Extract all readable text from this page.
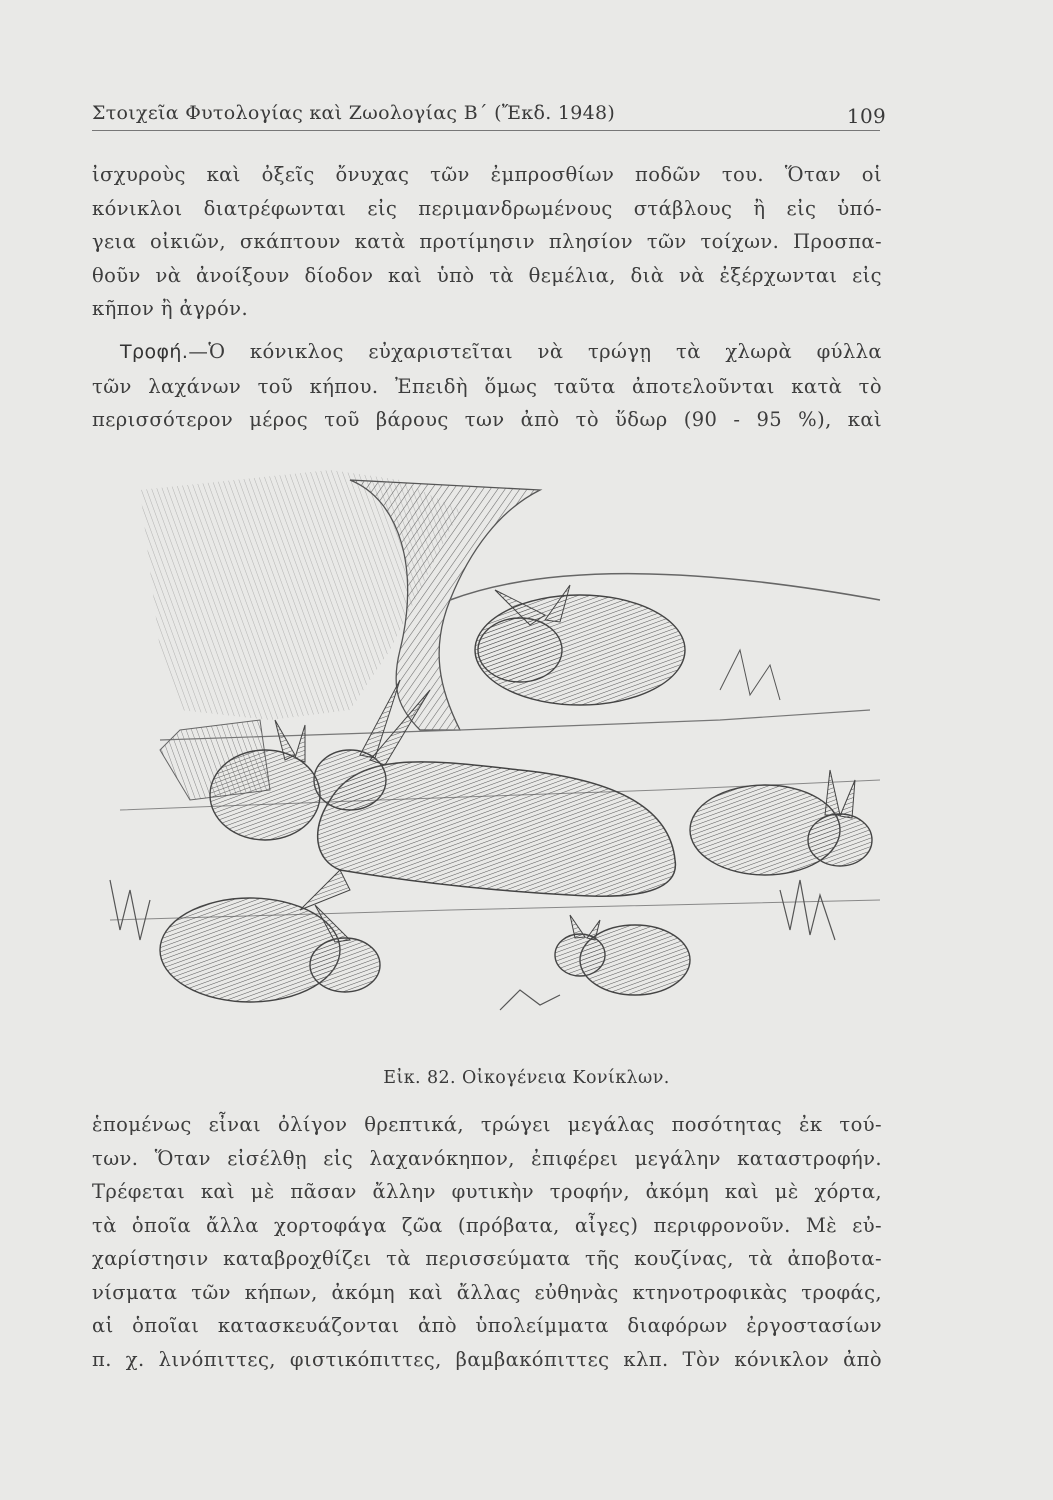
Στοιχεῖα Φυτολογίας καὶ Ζωολογίας Β΄ (Ἔκδ. 1948)	109
ἰσχυροὺς καὶ ὀξεῖς ὄνυχας τῶν ἐμπροσθίων ποδῶν του. Ὅταν οἱ
κόνικλοι διατρέφωνται εἰς περιμανδρωμένους στάβλους ἢ εἰς ὑπό-
γεια οἰκιῶν, σκάπτουν κατὰ προτίμησιν πλησίον τῶν τοίχων. Προσπα-
θοῦν νὰ ἀνοίξουν δίοδον καὶ ὑπὸ τὰ θεμέλια, διὰ νὰ ἐξέρχωνται εἰς
κῆπον ἢ ἀγρόν.
Τροφή.—Ὁ κόνικλος εὐχαριστεῖται νὰ τρώγῃ τὰ χλωρὰ φύλλα
τῶν λαχάνων τοῦ κήπου. Ἐπειδὴ ὅμως ταῦτα ἀποτελοῦνται κατὰ τὸ
περισσότερον μέρος τοῦ βάρους των ἀπὸ τὸ ὕδωρ (90 - 95 %), καὶ
Εἰκ. 82. Οἰκογένεια Κονίκλων.
ἑπομένως εἶναι ὀλίγον θρεπτικά, τρώγει μεγάλας ποσότητας ἐκ τού-
των. Ὅταν εἰσέλθῃ εἰς λαχανόκηπον, ἐπιφέρει μεγάλην καταστροφήν.
Τρέφεται καὶ μὲ πᾶσαν ἄλλην φυτικὴν τροφήν, ἀκόμη καὶ μὲ χόρτα,
τὰ ὁποῖα ἄλλα χορτοφάγα ζῶα (πρόβατα, αἶγες) περιφρονοῦν. Μὲ εὐ-
χαρίστησιν καταβροχθίζει τὰ περισσεύματα τῆς κουζίνας, τὰ ἀποβοτα-
νίσματα τῶν κήπων, ἀκόμη καὶ ἄλλας εὐθηνὰς κτηνοτροφικὰς τροφάς,
αἱ ὁποῖαι κατασκευάζονται ἀπὸ ὑπολείμματα διαφόρων ἐργοστασίων
π. χ. λινόπιττες, φιστικόπιττες, βαμβακόπιττες κλπ. Τὸν κόνικλον ἀπὸ
